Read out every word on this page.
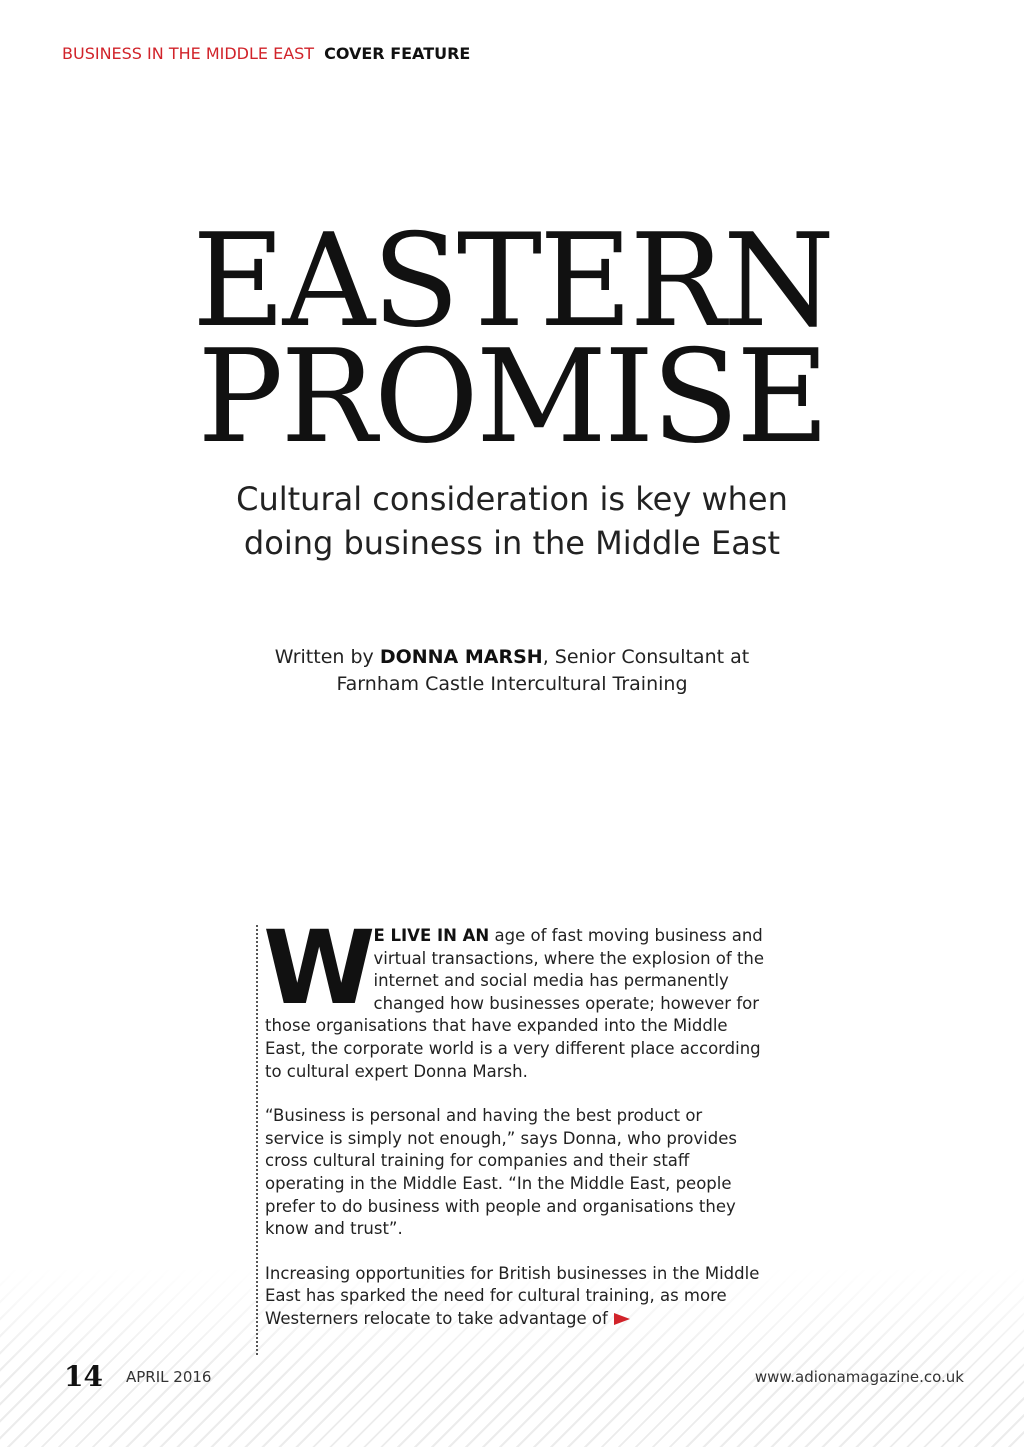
BUSINESS IN THE MIDDLE EAST COVER FEATURE
EASTERN
PROMISE
Cultural consideration is key when
doing business in the Middle East
Written by DONNA MARSH, Senior Consultant at
Farnham Castle Intercultural Training

W E LIVE IN AN age of fast moving business and virtual transactions, where the explosion of the internet and social media has permanently changed how businesses operate; however for those organisations that have expanded into the Middle East, the corporate world is a very different place according to cultural expert Donna Marsh.

“Business is personal and having the best product or service is simply not enough,” says Donna, who provides cross cultural training for companies and their staff operating in the Middle East. “In the Middle East, people prefer to do business with people and organisations they know and trust”.

Increasing opportunities for British businesses in the Middle East has sparked the need for cultural training, as more Westerners relocate to take advantage of

14 APRIL 2016	www.adionamagazine.co.uk
